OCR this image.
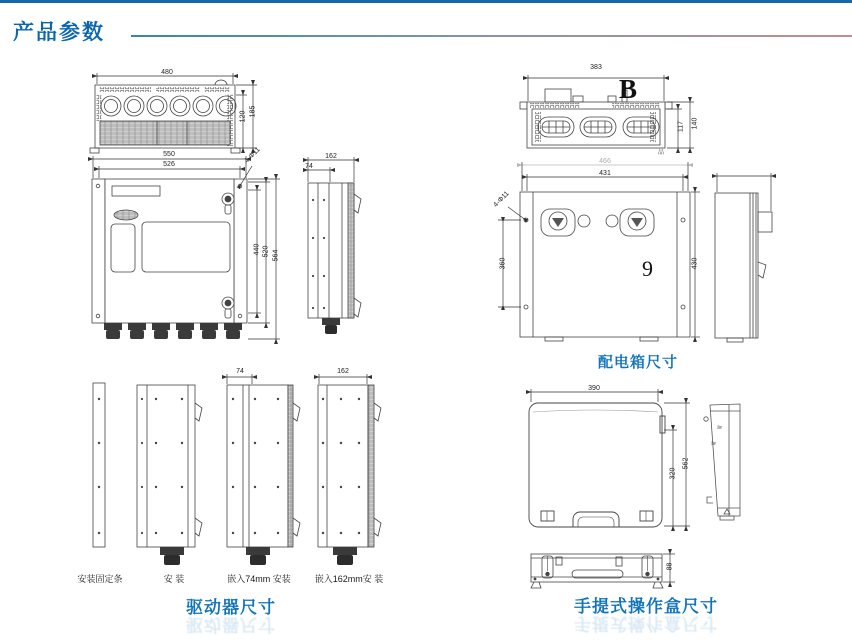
产品参数
480
120 185
550
526	4-Φ11
440 520 564
162
74
安装固定条	安 装	嵌入74mm 安装	嵌入162mm安 装
74	162
驱动器尺寸
驱动器尺寸
383
B
117 140
品
466
431
4-Φ11
360	430
9
配电箱尺寸
390
320
562
Ⅲ
Ⅲ
88
手提式操作盒尺寸
手提式操作盒尺寸
